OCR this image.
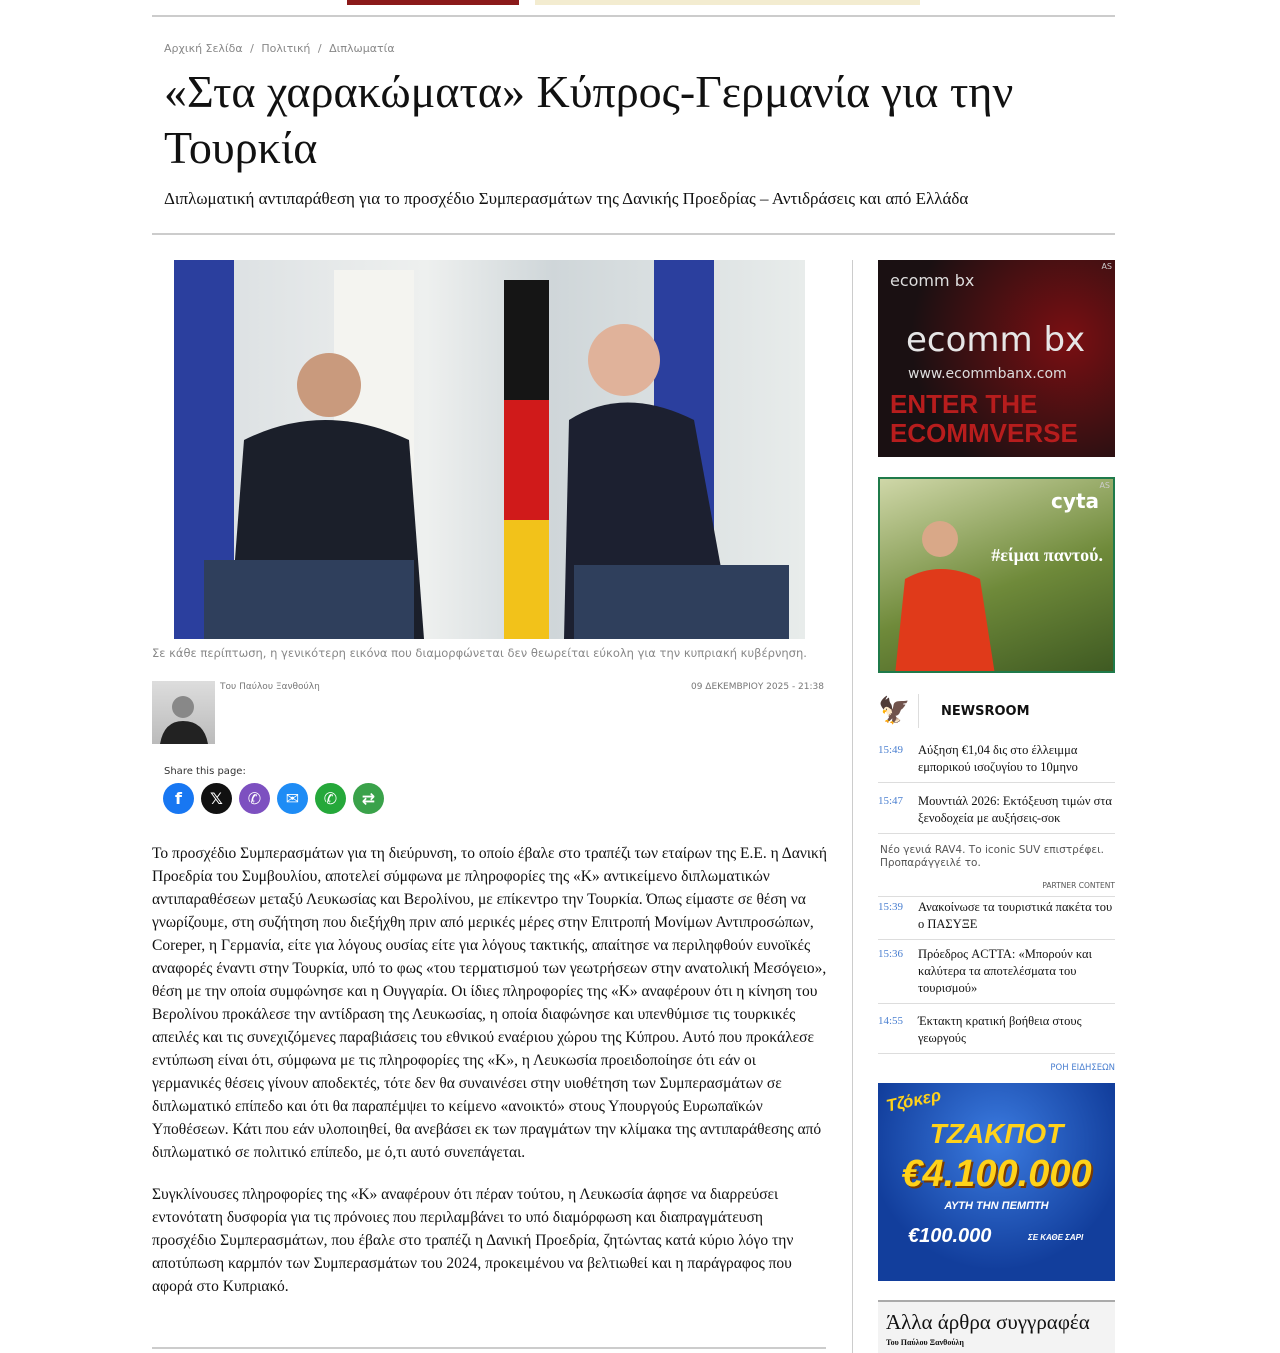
Αρχική Σελίδα / Πολιτική / Διπλωματία
«Στα χαρακώματα» Κύπρος-Γερμανία για την Τουρκία
Διπλωματική αντιπαράθεση για το προσχέδιο Συμπερασμάτων της Δανικής Προεδρίας – Αντιδράσεις και από Ελλάδα
Σε κάθε περίπτωση, η γενικότερη εικόνα που διαμορφώνεται δεν θεωρείται εύκολη για την κυπριακή κυβέρνηση.
Του Παύλου Ξανθούλη	09 ΔΕΚΕΜΒΡΙΟΥ 2025 - 21:38
Share this page:
f 𝕏 ✆ ✉ ✆ ⇄

Το προσχέδιο Συμπερασμάτων για τη διεύρυνση, το οποίο έβαλε στο τραπέζι των εταίρων της Ε.Ε. η Δανική Προεδρία του Συμβουλίου, αποτελεί σύμφωνα με πληροφορίες της «Κ» αντικείμενο διπλωματικών αντιπαραθέσεων μεταξύ Λευκωσίας και Βερολίνου, με επίκεντρο την Τουρκία. Όπως είμαστε σε θέση να γνωρίζουμε, στη συζήτηση που διεξήχθη πριν από μερικές μέρες στην Επιτροπή Μονίμων Αντιπροσώπων, Coreper, η Γερμανία, είτε για λόγους ουσίας είτε για λόγους τακτικής, απαίτησε να περιληφθούν ευνοϊκές αναφορές έναντι στην Τουρκία, υπό το φως «του τερματισμού των γεωτρήσεων στην ανατολική Μεσόγειο», θέση με την οποία συμφώνησε και η Ουγγαρία. Οι ίδιες πληροφορίες της «Κ» αναφέρουν ότι η κίνηση του Βερολίνου προκάλεσε την αντίδραση της Λευκωσίας, η οποία διαφώνησε και υπενθύμισε τις τουρκικές απειλές και τις συνεχιζόμενες παραβιάσεις του εθνικού εναέριου χώρου της Κύπρου. Αυτό που προκάλεσε εντύπωση είναι ότι, σύμφωνα με τις πληροφορίες της «Κ», η Λευκωσία προειδοποίησε ότι εάν οι γερμανικές θέσεις γίνουν αποδεκτές, τότε δεν θα συναινέσει στην υιοθέτηση των Συμπερασμάτων σε διπλωματικό επίπεδο και ότι θα παραπέμψει το κείμενο «ανοικτό» στους Υπουργούς Ευρωπαϊκών Υποθέσεων. Κάτι που εάν υλοποιηθεί, θα ανεβάσει εκ των πραγμάτων την κλίμακα της αντιπαράθεσης από διπλωματικό σε πολιτικό επίπεδο, με ό,τι αυτό συνεπάγεται.

Συγκλίνουσες πληροφορίες της «Κ» αναφέρουν ότι πέραν τούτου, η Λευκωσία άφησε να διαρρεύσει εντονότατη δυσφορία για τις πρόνοιες που περιλαμβάνει το υπό διαμόρφωση και διαπραγμάτευση προσχέδιο Συμπερασμάτων, που έβαλε στο τραπέζι η Δανική Προεδρία, ζητώντας κατά κύριο λόγο την αποτύπωση καρμπόν των Συμπερασμάτων του 2024, προκειμένου να βελτιωθεί και η παράγραφος που αφορά στο Κυπριακό.

AS
ecomm bx
ecomm bx
www.ecommbanx.com
ENTER THE ECOMMVERSE
AS
cyta
#είμαι παντού.
🦅 NEWSROOM
15:49	Αύξηση €1,04 δις στο έλλειμμα εμπορικού ισοζυγίου το 10μηνο
15:47	Μουντιάλ 2026: Εκτόξευση τιμών στα ξενοδοχεία με αυξήσεις-σοκ
Νέο γενιά RAV4. Το iconic SUV επιστρέφει. Προπαράγγειλέ το.
PARTNER CONTENT
15:39	Ανακοίνωσε τα τουριστικά πακέτα του ο ΠΑΣΥΞΕ
15:36	Πρόεδρος ACTTA: «Μπορούν και καλύτερα τα αποτελέσματα του τουρισμού»
14:55	Έκτακτη κρατική βοήθεια στους γεωργούς
ΡΟΗ ΕΙΔΗΣΕΩΝ
Τζόκερ
ΤΖΑΚΠΟΤ
€4.100.000
ΑΥΤΗ ΤΗΝ ΠΕΜΠΤΗ
€100.000	ΣΕ ΚΑΘΕ ΣΑΡΙ
Άλλα άρθρα συγγραφέα
Του Παύλου Ξανθούλη
